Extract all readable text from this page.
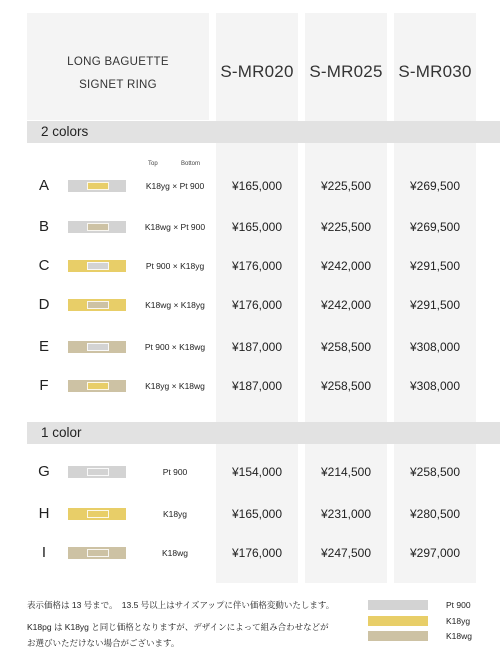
LONG BAGUETTE
SIGNET RING
S-MR020 S-MR025 S-MR030
2 colors
Top	Bottom
A	K18yg × Pt 900	¥165,000	¥225,500	¥269,500
B	K18wg × Pt 900	¥165,000	¥225,500	¥269,500
C	Pt 900 × K18yg	¥176,000	¥242,000	¥291,500
D	K18wg × K18yg	¥176,000	¥242,000	¥291,500
E	Pt 900 × K18wg	¥187,000	¥258,500	¥308,000
F	K18yg × K18wg	¥187,000	¥258,500	¥308,000
1 color
G	Pt 900	¥154,000	¥214,500	¥258,500
H	K18yg	¥165,000	¥231,000	¥280,500
I	K18wg	¥176,000	¥247,500	¥297,000
表示価格は 13 号まで。　13.5 号以上はサイズアップに伴い価格変動いたします。
K18pg は K18yg と同じ価格となりますが、デザインによって組み合わせなどが
お選びいただけない場合がございます。
Pt 900
K18yg
K18wg
